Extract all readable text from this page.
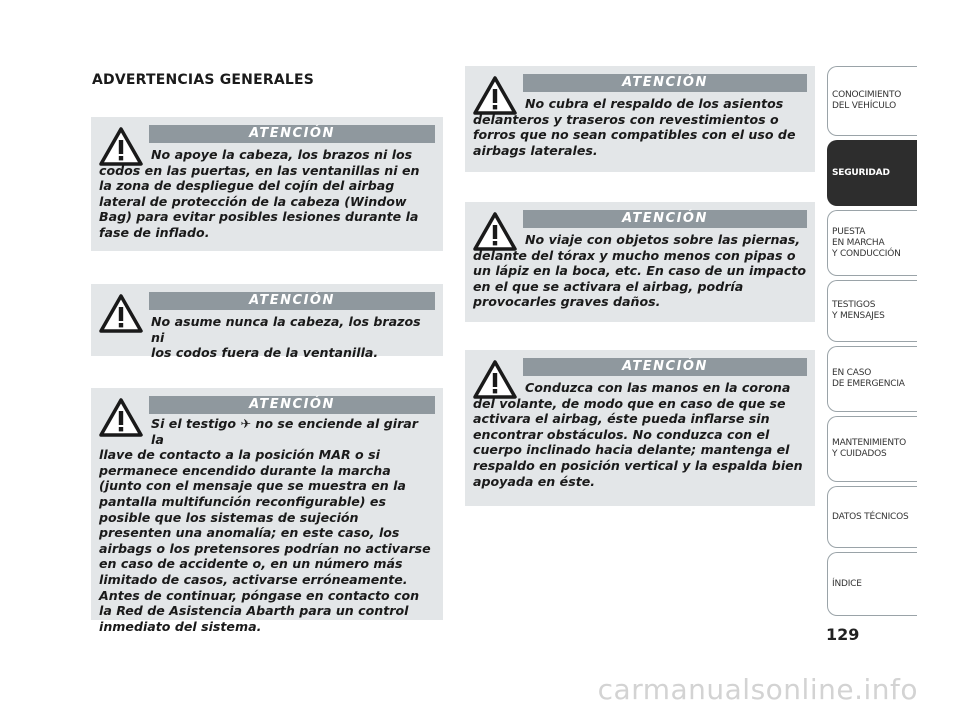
ADVERTENCIAS GENERALES
ATENCIÓN

No apoye la cabeza, los brazos ni los
codos en las puertas, en las ventanillas ni en la zona de despliegue del cojín del airbag lateral de protección de la cabeza (Window Bag) para evitar posibles lesiones durante la fase de inflado.

ATENCIÓN

No asume nunca la cabeza, los brazos ni
los codos fuera de la ventanilla.

ATENCIÓN

Si el testigo ✈ no se enciende al girar la
llave de contacto a la posición MAR o si permanece encendido durante la marcha (junto con el mensaje que se muestra en la pantalla multifunción reconfigurable) es posible que los sistemas de sujeción presenten una anomalía; en este caso, los airbags o los pretensores podrían no activarse en caso de accidente o, en un número más limitado de casos, activarse erróneamente. Antes de continuar, póngase en contacto con la Red de Asistencia Abarth para un control inmediato del sistema.

ATENCIÓN

No cubra el respaldo de los asientos
delanteros y traseros con revestimientos o forros que no sean compatibles con el uso de airbags laterales.

ATENCIÓN

No viaje con objetos sobre las piernas,
delante del tórax y mucho menos con pipas o un lápiz en la boca, etc. En caso de un impacto en el que se activara el airbag, podría provocarles graves daños.

ATENCIÓN

Conduzca con las manos en la corona
del volante, de modo que en caso de que se activara el airbag, éste pueda inflarse sin encontrar obstáculos. No conduzca con el cuerpo inclinado hacia delante; mantenga el respaldo en posición vertical y la espalda bien apoyada en éste.

CONOCIMIENTO
DEL VEHÍCULO
SEGURIDAD
PUESTA
EN MARCHA
Y CONDUCCIÓN
TESTIGOS
Y MENSAJES
EN CASO
DE EMERGENCIA
MANTENIMIENTO
Y CUIDADOS
DATOS TÉCNICOS
ÍNDICE
129
carmanualsonline.info
